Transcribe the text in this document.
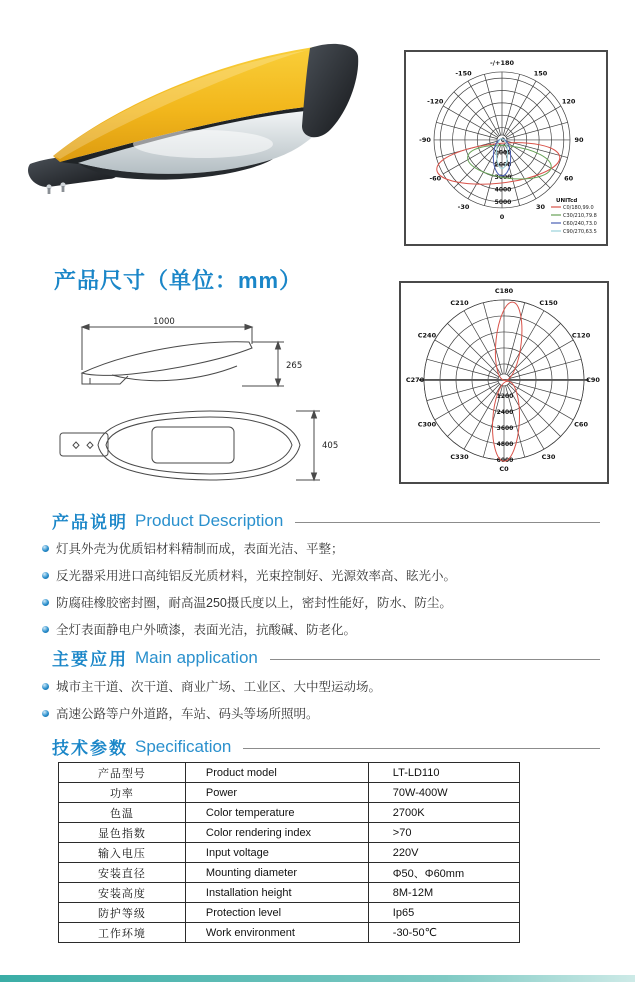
0
30
60
90
120
150
-/+180
-150
-120
-90
-60
-30
0
1000
2000
3000
4000
5000	UNITcd
C0/180,99.0
C30/210,79.8
C60/240,73.0
C90/270,63.5
产品尺寸（单位：mm）
1000
265
405
C0
C30
C60
C90
C120
C150
C180
C210
C240
C270
C300
C330
1200
2400
3600
4800
6000
产品说明 Product Description
灯具外壳为优质铝材料精制而成，表面光洁、平整；
反光器采用进口高纯铝反光质材料，光束控制好、光源效率高、眩光小。
防腐硅橡胶密封圈，耐高温250摄氏度以上，密封性能好，防水、防尘。
全灯表面静电户外喷漆，表面光洁，抗酸碱、防老化。
主要应用 Main application
城市主干道、次干道、商业广场、工业区、大中型运动场。
高速公路等户外道路，车站、码头等场所照明。
技术参数 Specification
产品型号	Product model	LT-LD110
功率	Power	70W-400W
色温	Color temperature	2700K
显色指数	Color rendering index	>70
输入电压	Input voltage	220V
安装直径	Mounting diameter	Φ50、Φ60mm
安装高度	Installation height	8M-12M
防护等级	Protection level	Ip65
工作环境	Work environment	-30-50℃
